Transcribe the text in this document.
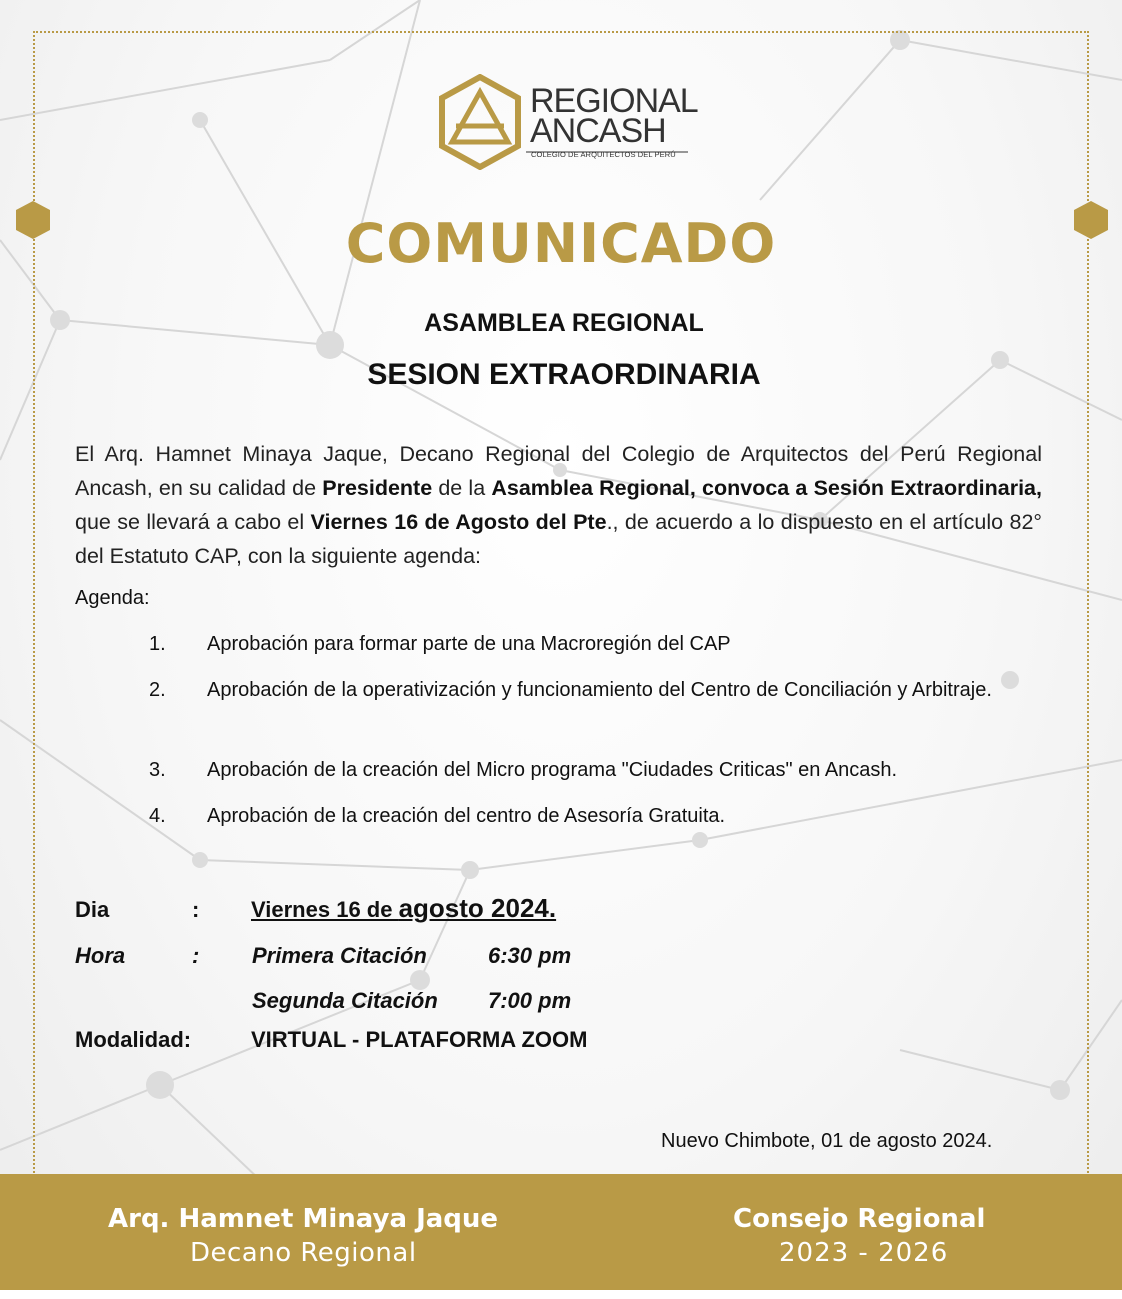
REGIONAL
ANCASH
COLEGIO DE ARQUITECTOS DEL PERÚ
COMUNICADO
ASAMBLEA REGIONAL
SESION EXTRAORDINARIA
El Arq. Hamnet Minaya Jaque, Decano Regional del Colegio de Arquitectos del Perú Regional Ancash, en su calidad de Presidente de la Asamblea Regional, convoca a Sesión Extraordinaria, que se llevará a cabo el Viernes 16 de Agosto del Pte., de acuerdo a lo dispuesto en el artículo 82° del Estatuto CAP, con la siguiente agenda:
Agenda:
1. Aprobación para formar parte de una Macroregión del CAP
2. Aprobación de la operativización y funcionamiento del Centro de Conciliación y Arbitraje.
3. Aprobación de la creación del Micro programa "Ciudades Criticas" en Ancash.
4. Aprobación de la creación del centro de Asesoría Gratuita.
Dia	: Viernes 16 de agosto 2024.
Hora	: Primera Citación	6:30 pm
Segunda Citación 7:00 pm
Modalidad:	VIRTUAL - PLATAFORMA ZOOM
Nuevo Chimbote, 01 de agosto 2024.
Arq. Hamnet Minaya Jaque
Decano Regional
Consejo Regional
2023 - 2026
